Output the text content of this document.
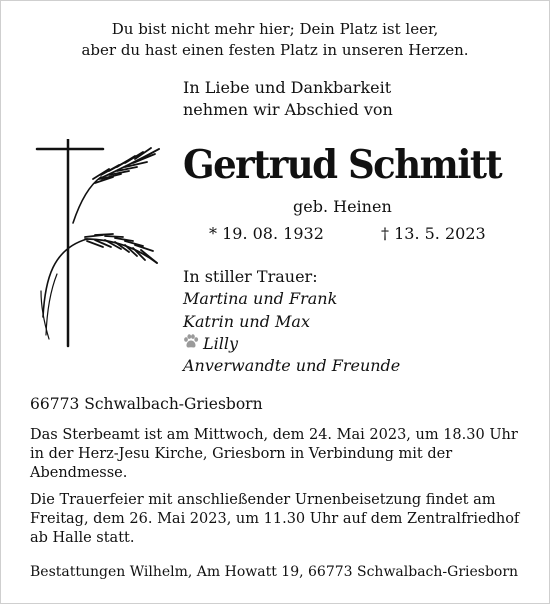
Du bist nicht mehr hier; Dein Platz ist leer,
aber du hast einen festen Platz in unseren Herzen.
In Liebe und Dankbarkeit
nehmen wir Abschied von
Gertrud Schmitt
geb. Heinen
* 19. 08. 1932	† 13. 5. 2023
In stiller Trauer:
Martina und Frank
Katrin und Max
Lilly
Anverwandte und Freunde
66773 Schwalbach-Griesborn
Das Sterbeamt ist am Mittwoch, dem 24. Mai 2023, um 18.30 Uhr in der Herz-Jesu Kirche, Griesborn in Verbindung mit der Abendmesse.
Die Trauerfeier mit anschließender Urnenbeisetzung findet am Freitag, dem 26. Mai 2023, um 11.30 Uhr auf dem Zentralfriedhof ab Halle statt.
Bestattungen Wilhelm, Am Howatt 19, 66773 Schwalbach-Griesborn
